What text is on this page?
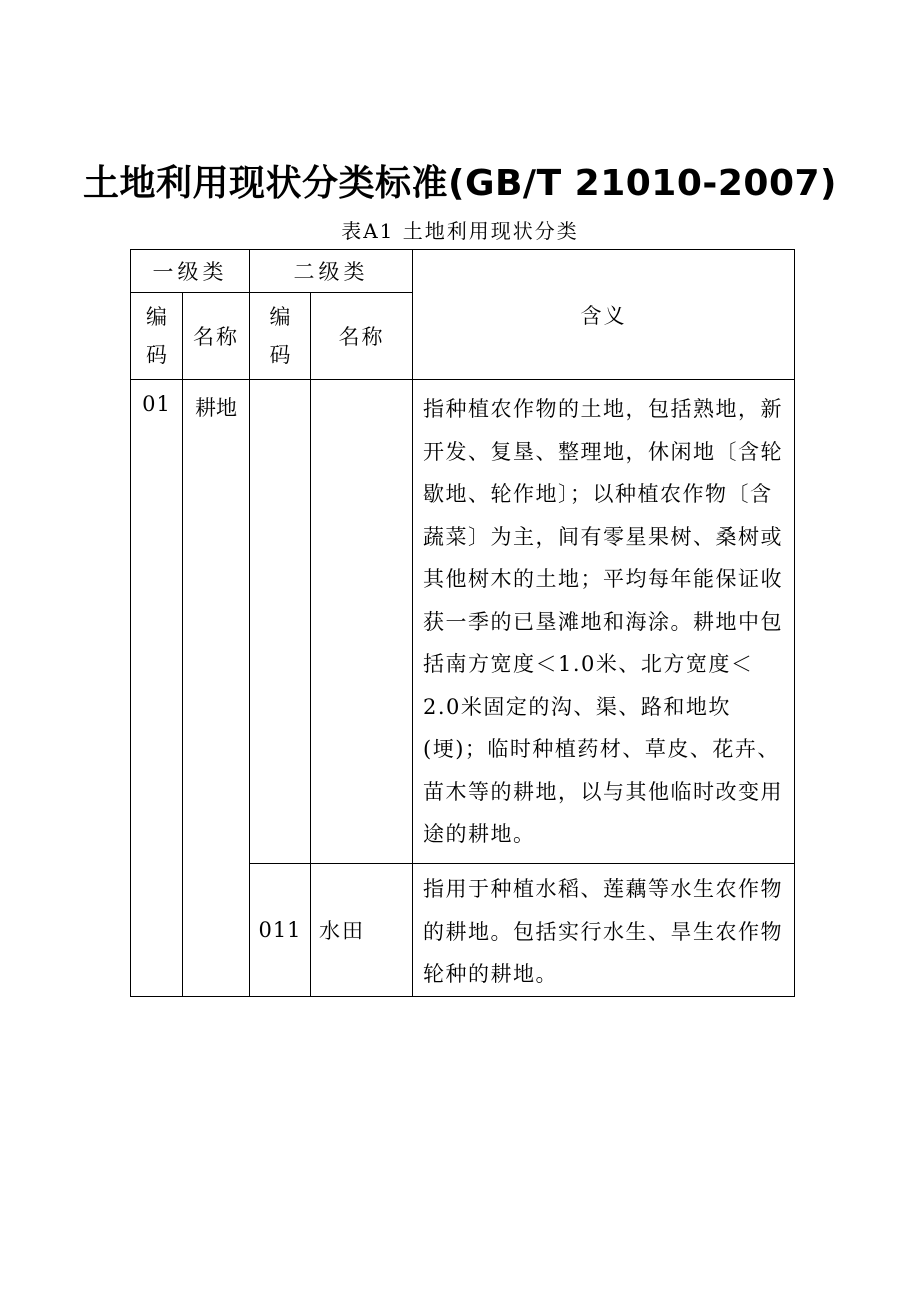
土地利用现状分类标准(GB/T 21010-2007)
表A1 土地利用现状分类
一级类		二级类		含义

编码	名称	编码	名称	
01	耕地			指种植农作物的土地，包括熟地，新开发、复垦、整理地，休闲地〔含轮歇地、轮作地〕；以种植农作物〔含蔬菜〕为主，间有零星果树、桑树或其他树木的土地；平均每年能保证收获一季的已垦滩地和海涂。耕地中包括南方宽度＜1.0米、北方宽度＜2.0米固定的沟、渠、路和地坎(埂)；临时种植药材、草皮、花卉、苗木等的耕地，以与其他临时改变用途的耕地。
		011	水田	指用于种植水稻、莲藕等水生农作物的耕地。包括实行水生、旱生农作物轮种的耕地。
